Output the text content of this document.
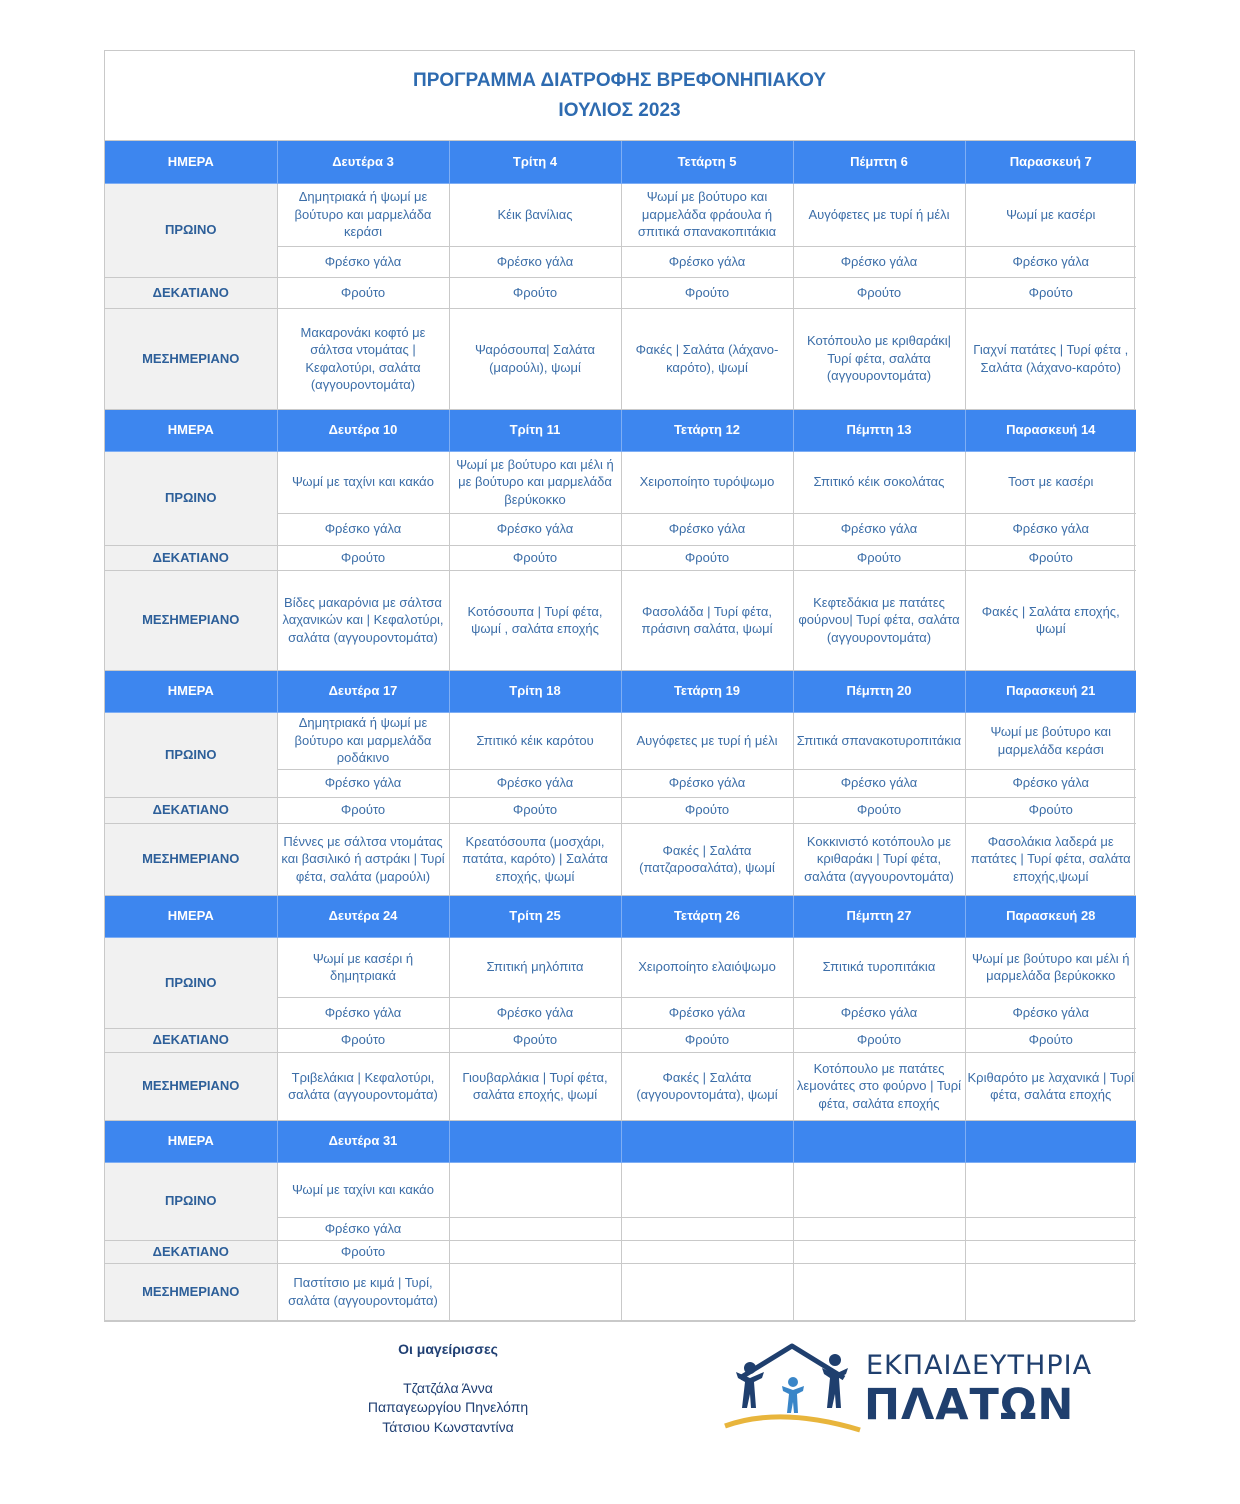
ΠΡΟΓΡΑΜΜΑ ΔΙΑΤΡΟΦΗΣ ΒΡΕΦΟΝΗΠΙΑΚΟΥ
ΙΟΥΛΙΟΣ 2023
ΗΜΕΡΑ	Δευτέρα 3	Τρίτη 4	Τετάρτη 5	Πέμπτη 6	Παρασκευή 7
ΠΡΩΙΝΟ	Δημητριακά ή ψωμί με βούτυρο και μαρμελάδα κεράσι	Κέικ βανίλιας	Ψωμί με βούτυρο και μαρμελάδα φράουλα ή σπιτικά σπανακοπιτάκια	Αυγόφετες με τυρί ή μέλι	Ψωμί με κασέρι
	Φρέσκο γάλα	Φρέσκο γάλα	Φρέσκο γάλα	Φρέσκο γάλα	Φρέσκο γάλα
ΔΕΚΑΤΙΑΝΟ	Φρούτο	Φρούτο	Φρούτο	Φρούτο	Φρούτο
ΜΕΣΗΜΕΡΙΑΝΟ	Μακαρονάκι κοφτό με σάλτσα ντομάτας | Κεφαλοτύρι, σαλάτα (αγγουροντομάτα)	Ψαρόσουπα| Σαλάτα (μαρούλι), ψωμί	Φακές | Σαλάτα (λάχανο-καρότο), ψωμί	Κοτόπουλο με κριθαράκι| Τυρί φέτα, σαλάτα (αγγουροντομάτα)	Γιαχνί πατάτες | Τυρί φέτα , Σαλάτα (λάχανο-καρότο)
ΗΜΕΡΑ	Δευτέρα 10	Τρίτη 11	Τετάρτη 12	Πέμπτη 13	Παρασκευή 14
ΠΡΩΙΝΟ	Ψωμί με ταχίνι και κακάο	Ψωμί με βούτυρο και μέλι ή με βούτυρο και μαρμελάδα βερύκοκκο	Χειροποίητο τυρόψωμο	Σπιτικό κέικ σοκολάτας	Τοστ με κασέρι
	Φρέσκο γάλα	Φρέσκο γάλα	Φρέσκο γάλα	Φρέσκο γάλα	Φρέσκο γάλα
ΔΕΚΑΤΙΑΝΟ	Φρούτο	Φρούτο	Φρούτο	Φρούτο	Φρούτο
ΜΕΣΗΜΕΡΙΑΝΟ	Βίδες μακαρόνια με σάλτσα λαχανικών και | Κεφαλοτύρι, σαλάτα (αγγουροντομάτα)	Κοτόσουπα | Τυρί φέτα, ψωμί , σαλάτα εποχής	Φασολάδα | Τυρί φέτα, πράσινη σαλάτα, ψωμί	Κεφτεδάκια με πατάτες φούρνου| Τυρί φέτα, σαλάτα (αγγουροντομάτα)	Φακές | Σαλάτα εποχής, ψωμί
ΗΜΕΡΑ	Δευτέρα 17	Τρίτη 18	Τετάρτη 19	Πέμπτη 20	Παρασκευή 21
ΠΡΩΙΝΟ	Δημητριακά ή ψωμί με βούτυρο και μαρμελάδα ροδάκινο	Σπιτικό κέικ καρότου	Αυγόφετες με τυρί ή μέλι	Σπιτικά σπανακοτυροπιτάκια	Ψωμί με βούτυρο και μαρμελάδα κεράσι
	Φρέσκο γάλα	Φρέσκο γάλα	Φρέσκο γάλα	Φρέσκο γάλα	Φρέσκο γάλα
ΔΕΚΑΤΙΑΝΟ	Φρούτο	Φρούτο	Φρούτο	Φρούτο	Φρούτο
ΜΕΣΗΜΕΡΙΑΝΟ	Πέννες με σάλτσα ντομάτας και βασιλικό ή αστράκι | Τυρί φέτα, σαλάτα (μαρούλι)	Κρεατόσουπα (μοσχάρι, πατάτα, καρότο) | Σαλάτα εποχής, ψωμί	Φακές | Σαλάτα (πατζαροσαλάτα), ψωμί	Κοκκινιστό κοτόπουλο με κριθαράκι | Τυρί φέτα, σαλάτα (αγγουροντομάτα)	Φασολάκια λαδερά με πατάτες | Τυρί φέτα, σαλάτα εποχής,ψωμί
ΗΜΕΡΑ	Δευτέρα 24	Τρίτη 25	Τετάρτη 26	Πέμπτη 27	Παρασκευή 28
ΠΡΩΙΝΟ	Ψωμί με κασέρι ή δημητριακά	Σπιτική μηλόπιτα	Χειροποίητο ελαιόψωμο	Σπιτικά τυροπιτάκια	Ψωμί με βούτυρο και μέλι ή μαρμελάδα βερύκοκκο
	Φρέσκο γάλα	Φρέσκο γάλα	Φρέσκο γάλα	Φρέσκο γάλα	Φρέσκο γάλα
ΔΕΚΑΤΙΑΝΟ	Φρούτο	Φρούτο	Φρούτο	Φρούτο	Φρούτο
ΜΕΣΗΜΕΡΙΑΝΟ	Τριβελάκια | Κεφαλοτύρι, σαλάτα (αγγουροντομάτα)	Γιουβαρλάκια | Τυρί φέτα, σαλάτα εποχής, ψωμί	Φακές | Σαλάτα (αγγουροντομάτα), ψωμί	Κοτόπουλο με πατάτες λεμονάτες στο φούρνο | Τυρί φέτα, σαλάτα εποχής	Κριθαρότο με λαχανικά | Τυρί φέτα, σαλάτα εποχής
ΗΜΕΡΑ	Δευτέρα 31				
ΠΡΩΙΝΟ	Ψωμί με ταχίνι και κακάο				
	Φρέσκο γάλα				
ΔΕΚΑΤΙΑΝΟ	Φρούτο				
ΜΕΣΗΜΕΡΙΑΝΟ	Παστίτσιο με κιμά | Τυρί, σαλάτα (αγγουροντομάτα)				
Οι μαγείρισσες
Τζατζάλα Άννα
Παπαγεωργίου Πηνελόπη
Τάτσιου Κωνσταντίνα
ΕΚΠΑΙΔΕΥΤΗΡΙΑ
ΠΛΑΤΩΝ
